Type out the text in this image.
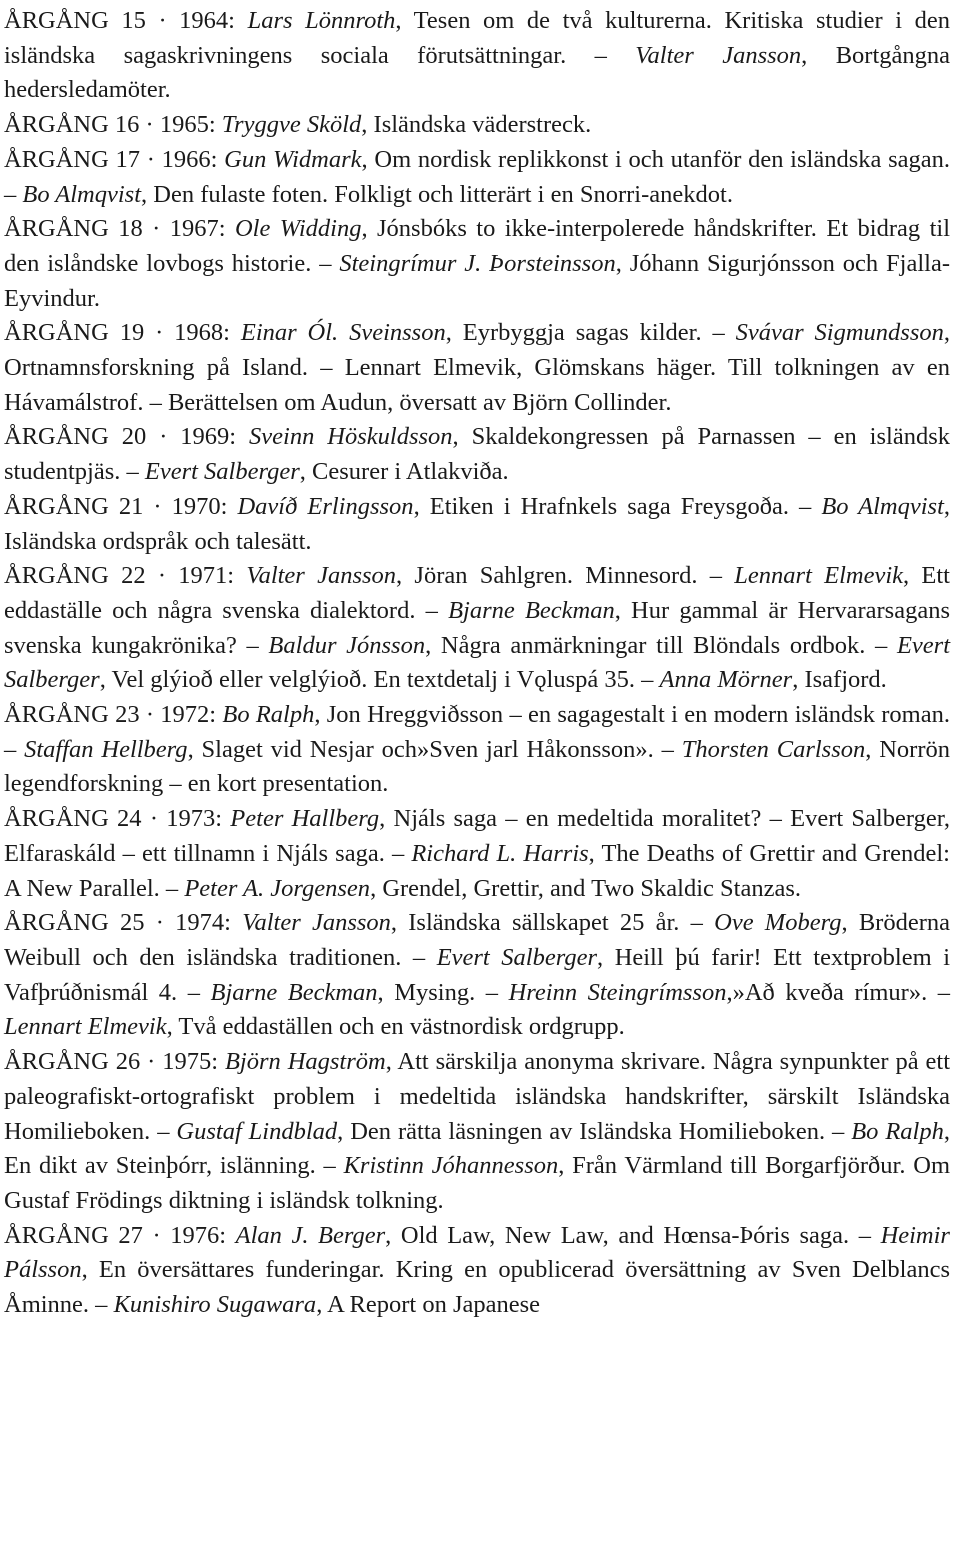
ÅRGÅNG 15 · 1964: Lars Lönnroth, Tesen om de två kulturerna. Kritiska studier i den isländska sagaskrivningens sociala förutsättningar. – Valter Jansson, Bortgångna hedersledamöter.

ÅRGÅNG 16 · 1965: Tryggve Sköld, Isländska väderstreck.

ÅRGÅNG 17 · 1966: Gun Widmark, Om nordisk replikkonst i och utanför den isländska sagan. – Bo Almqvist, Den fulaste foten. Folkligt och litterärt i en Snorri-anekdot.

ÅRGÅNG 18 · 1967: Ole Widding, Jónsbóks to ikke-interpolerede håndskrifter. Et bidrag til den islåndske lovbogs historie. – Steingrímur J. Þorsteinsson, Jóhann Sigurjónsson och Fjalla-Eyvindur.

ÅRGÅNG 19 · 1968: Einar Ól. Sveinsson, Eyrbyggja sagas kilder. – Svávar Sigmundsson, Ortnamnsforskning på Island. – Lennart Elmevik, Glömskans häger. Till tolkningen av en Hávamálstrof. – Berättelsen om Audun, översatt av Björn Collinder.

ÅRGÅNG 20 · 1969: Sveinn Höskuldsson, Skaldekongressen på Parnassen – en isländsk studentpjäs. – Evert Salberger, Cesurer i Atlakviða.

ÅRGÅNG 21 · 1970: Davíð Erlingsson, Etiken i Hrafnkels saga Freysgoða. – Bo Almqvist, Isländska ordspråk och talesätt.

ÅRGÅNG 22 · 1971: Valter Jansson, Jöran Sahlgren. Minnesord. – Lennart Elmevik, Ett eddaställe och några svenska dialektord. – Bjarne Beckman, Hur gammal är Hervararsagans svenska kungakrönika? – Baldur Jónsson, Några anmärkningar till Blöndals ordbok. – Evert Salberger, Vel glýioð eller velglýioð. En textdetalj i Vǫluspá 35. – Anna Mörner, Isafjord.

ÅRGÅNG 23 · 1972: Bo Ralph, Jon Hreggviðsson – en sagagestalt i en modern isländsk roman. – Staffan Hellberg, Slaget vid Nesjar och»Sven jarl Håkonsson». – Thorsten Carlsson, Norrön legendforskning – en kort presentation.

ÅRGÅNG 24 · 1973: Peter Hallberg, Njáls saga – en medeltida moralitet? – Evert Salberger, Elfaraskáld – ett tillnamn i Njáls saga. – Richard L. Harris, The Deaths of Grettir and Grendel: A New Parallel. – Peter A. Jorgensen, Grendel, Grettir, and Two Skaldic Stanzas.

ÅRGÅNG 25 · 1974: Valter Jansson, Isländska sällskapet 25 år. – Ove Moberg, Bröderna Weibull och den isländska traditionen. – Evert Salberger, Heill þú farir! Ett textproblem i Vafþrúðnismál 4. – Bjarne Beckman, Mysing. – Hreinn Steingrímsson,»Að kveða rímur». – Lennart Elmevik, Två eddaställen och en västnordisk ordgrupp.

ÅRGÅNG 26 · 1975: Björn Hagström, Att särskilja anonyma skrivare. Några synpunkter på ett paleografiskt-ortografiskt problem i medeltida isländska handskrifter, särskilt Isländska Homilieboken. – Gustaf Lindblad, Den rätta läsningen av Isländska Homilieboken. – Bo Ralph, En dikt av Steinþórr, islänning. – Kristinn Jóhannesson, Från Värmland till Borgarfjörður. Om Gustaf Frödings diktning i isländsk tolkning.

ÅRGÅNG 27 · 1976: Alan J. Berger, Old Law, New Law, and Hœnsa-Þóris saga. – Heimir Pálsson, En översättares funderingar. Kring en opublicerad översättning av Sven Delblancs Åminne. – Kunishiro Sugawara, A Report on Japanese
